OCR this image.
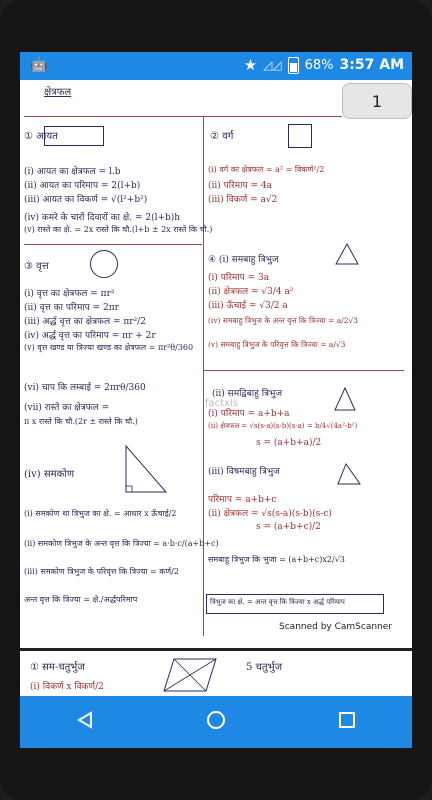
🤖	★ ◿◿ 68% 3:57 AM
1
क्षेत्रफल
① आयत
(i) आयत का क्षेत्रफल = l.b
(ii) आयत का परिमाप = 2(l+b)
(iii) आयत का विकर्ण = √(l²+b²)
(iv) कमरे के चारों दिवारों का क्षे. = 2(l+b)h
(v) रास्ते का क्षे. = 2x रास्ते कि चौ.(l+b ± 2x रास्ते कि चौ.)
③ वृत्त
(i) वृत्त का क्षेत्रफल = πr²
(ii) वृत्त का परिमाप = 2πr
(iii) अर्द्ध वृत्त का क्षेत्रफल = πr²/2
(iv) अर्द्ध वृत्त का परिमाप = πr + 2r
(v) वृत्त खण्ड या त्रिज्या खण्ड का क्षेत्रफल = πr²θ/360
(vi) चाप कि लम्बाई = 2πrθ/360
(vii) रास्ते का क्षेत्रफल =
π x रास्ते कि चौ.(2r ± रास्ते कि चौ.)
(iv) समकोण
(i) समकोण था त्रिभुज का क्षे. = आधार x ऊँचाई/2
(ii) समकोण त्रिभुज के अन्त वृत्त कि त्रिज्या = a·b·c/(a+b+c)
(iii) समकोण त्रिभुज के परिवृत्त कि त्रिज्या = कर्ण/2
अन्त वृत्त कि त्रिज्या = क्षे./अर्द्धपरिमाप
② वर्ग
(i) वर्ग का क्षेत्रफल = a² = विकर्ण²/2
(ii) परिमाप = 4a
(iii) विकर्ण = a√2
④ (i) समबाहु त्रिभुज
(i) परिमाप = 3a
(ii) क्षेत्रफल = √3/4 a²
(iii) ऊँचाई = √3/2 a
(iv) समबाहु त्रिभुज के अन्त वृत्त कि त्रिज्या = a/2√3
(v) समबाहु त्रिभुज के परिवृत्त कि त्रिज्या = a/√3
(ii) समद्विबाहु त्रिभुज
(i) परिमाप = a+b+a
(ii) क्षेत्रफल = √s(s-a)(s-b)(s-a) = b/4√(4a²-b²)
s = (a+b+a)/2
(iii) विषमबाहु त्रिभुज
परिमाप = a+b+c
(ii) क्षेत्रफल = √s(s-a)(s-b)(s-c)
s = (a+b+c)/2
समबाहु त्रिभुज कि भुजा = (a+b+c)x2/√3
त्रिभुज का क्षे. = अन्त वृत्त कि त्रिज्या x अर्द्ध परिमाप
factxis
Scanned by CamScanner
① सम-चतुर्भुज
(i) विकर्ण x विकर्ण/2
5 चतुर्भुज
